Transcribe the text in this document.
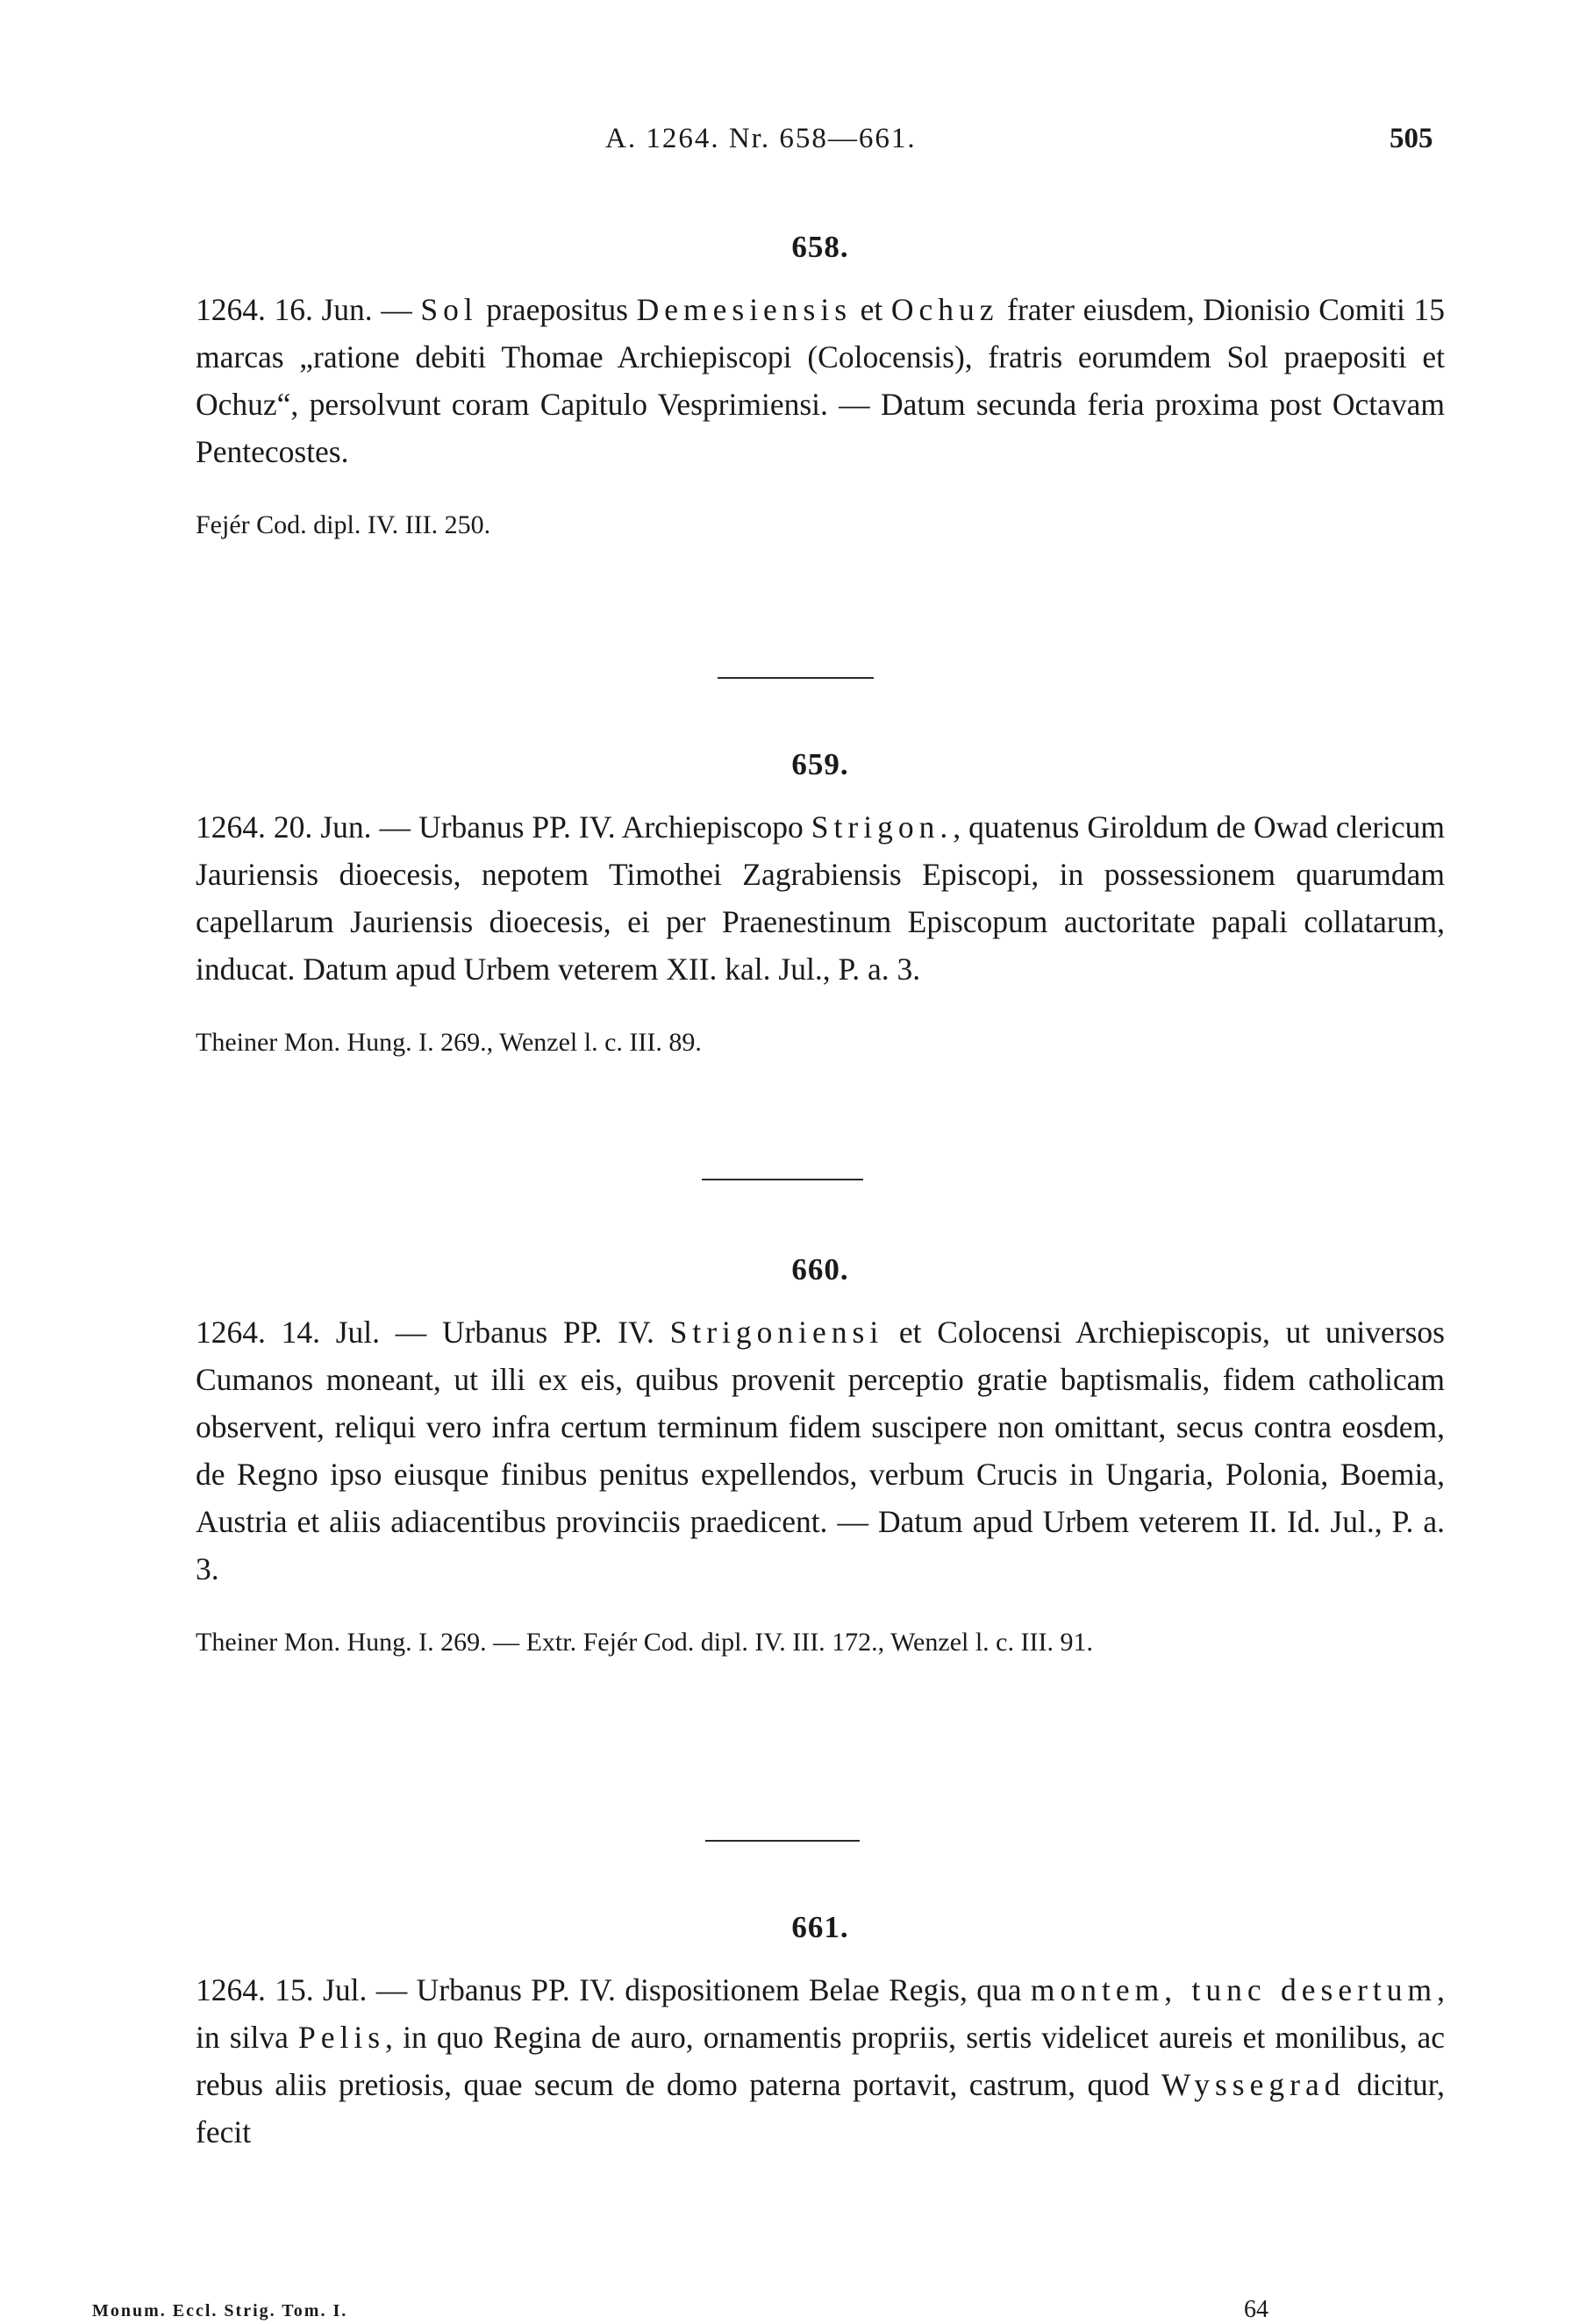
A. 1264. Nr. 658—661.	505
658.

1264. 16. Jun. — Sol praepositus Demesiensis et Ochuz frater eiusdem, Dionisio Comiti 15 marcas „ratione debiti Thomae Archiepiscopi (Colocensis), fratris eorumdem Sol praepositi et Ochuz“, persolvunt coram Capitulo Vesprimiensi. — Datum secunda feria proxima post Octavam Pentecostes.

Fejér Cod. dipl. IV. III. 250.

659.

1264. 20. Jun. — Urbanus PP. IV. Archiepiscopo Strigon., quatenus Giroldum de Owad clericum Jauriensis dioecesis, nepotem Timothei Zagrabiensis Episcopi, in possessionem quarumdam capellarum Jauriensis dioecesis, ei per Praenestinum Episcopum auctoritate papali collatarum, inducat. Datum apud Urbem veterem XII. kal. Jul., P. a. 3.

Theiner Mon. Hung. I. 269., Wenzel l. c. III. 89.

660.

1264. 14. Jul. — Urbanus PP. IV. Strigoniensi et Colocensi Archiepiscopis, ut universos Cumanos moneant, ut illi ex eis, quibus provenit perceptio gratie baptismalis, fidem catholicam observent, reliqui vero infra certum terminum fidem suscipere non omittant, secus contra eosdem, de Regno ipso eiusque finibus penitus expellendos, verbum Crucis in Ungaria, Polonia, Boemia, Austria et aliis adiacentibus provinciis praedicent. — Datum apud Urbem veterem II. Id. Jul., P. a. 3.

Theiner Mon. Hung. I. 269. — Extr. Fejér Cod. dipl. IV. III. 172., Wenzel l. c. III. 91.

661.

1264. 15. Jul. — Urbanus PP. IV. dispositionem Belae Regis, qua montem, tunc desertum, in silva Pelis, in quo Regina de auro, ornamentis propriis, sertis videlicet aureis et monilibus, ac rebus aliis pretiosis, quae secum de domo paterna portavit, castrum, quod Wyssegrad dicitur, fecit

Monum. Eccl. Strig. Tom. I.	64
